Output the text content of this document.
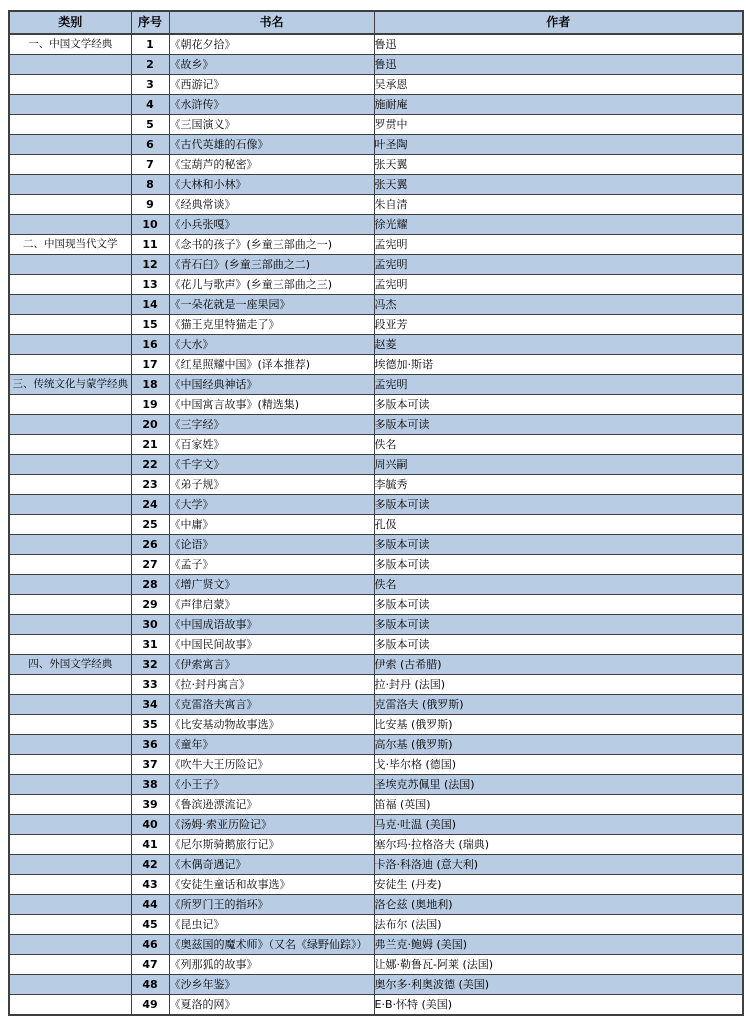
类别	序号	书名	作者
一、中国文学经典	1	《朝花夕拾》	鲁迅
	2	《故乡》	鲁迅
	3	《西游记》	吴承恩
	4	《水浒传》	施耐庵
	5	《三国演义》	罗贯中
	6	《古代英雄的石像》	叶圣陶
	7	《宝葫芦的秘密》	张天翼
	8	《大林和小林》	张天翼
	9	《经典常谈》	朱自清
	10	《小兵张嘎》	徐光耀
二、中国现当代文学	11	《念书的孩子》(乡童三部曲之一)	孟宪明
	12	《青石臼》(乡童三部曲之二)	孟宪明
	13	《花儿与歌声》(乡童三部曲之三)	孟宪明
	14	《一朵花就是一座果园》	冯杰
	15	《猫王克里特猫走了》	段亚芳
	16	《大水》	赵菱
	17	《红星照耀中国》(译本推荐)	埃德加·斯诺
三、传统文化与蒙学经典	18	《中国经典神话》	孟宪明
	19	《中国寓言故事》(精选集)	多版本可读
	20	《三字经》	多版本可读
	21	《百家姓》	佚名
	22	《千字文》	周兴嗣
	23	《弟子规》	李毓秀
	24	《大学》	多版本可读
	25	《中庸》	孔伋
	26	《论语》	多版本可读
	27	《孟子》	多版本可读
	28	《增广贤文》	佚名
	29	《声律启蒙》	多版本可读
	30	《中国成语故事》	多版本可读
	31	《中国民间故事》	多版本可读
四、外国文学经典	32	《伊索寓言》	伊索 (古希腊)
	33	《拉·封丹寓言》	拉·封丹 (法国)
	34	《克雷洛夫寓言》	克雷洛夫 (俄罗斯)
	35	《比安基动物故事选》	比安基 (俄罗斯)
	36	《童年》	高尔基 (俄罗斯)
	37	《吹牛大王历险记》	戈·毕尔格 (德国)
	38	《小王子》	圣埃克苏佩里 (法国)
	39	《鲁滨逊漂流记》	笛福 (英国)
	40	《汤姆·索亚历险记》	马克·吐温 (美国)
	41	《尼尔斯骑鹅旅行记》	塞尔玛·拉格洛夫 (瑞典)
	42	《木偶奇遇记》	卡洛·科洛迪 (意大利)
	43	《安徒生童话和故事选》	安徒生 (丹麦)
	44	《所罗门王的指环》	洛仑兹 (奥地利)
	45	《昆虫记》	法布尔 (法国)
	46	《奥兹国的魔术师》（又名《绿野仙踪》）	弗兰克·鲍姆 (美国)
	47	《列那狐的故事》	让娜·勒鲁瓦-阿莱 (法国)
	48	《沙乡年鉴》	奥尔多·利奥波德 (美国)
	49	《夏洛的网》	E·B·怀特 (美国)
